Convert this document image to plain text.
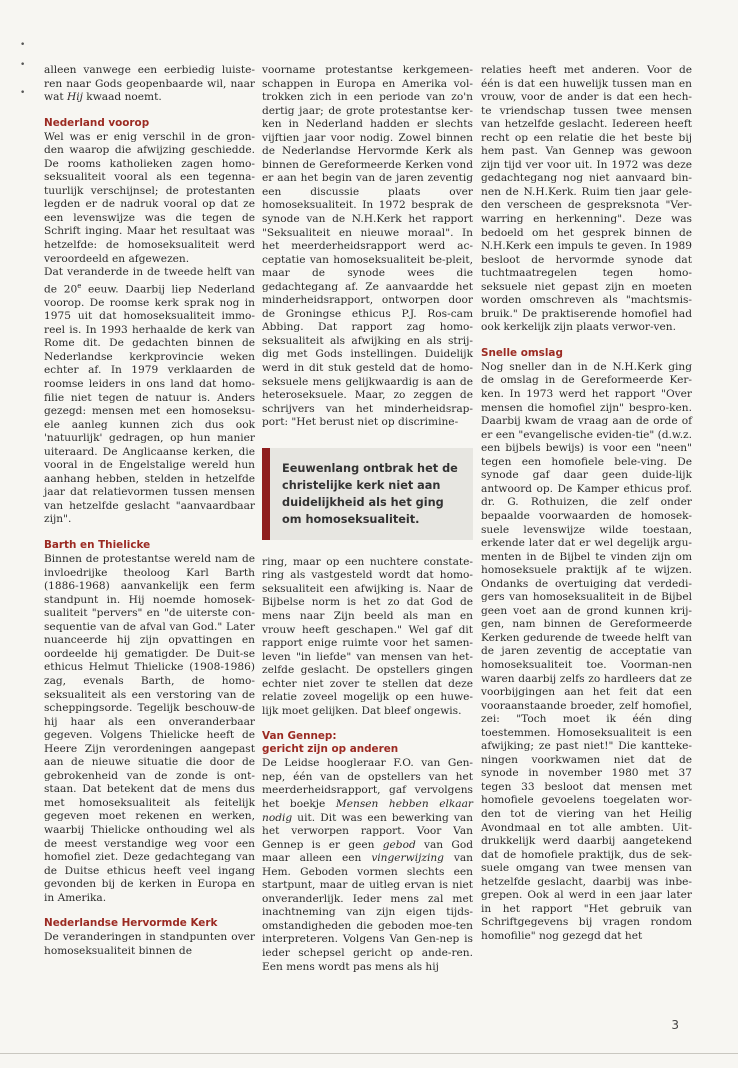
•
•
•

alleen vanwege een eerbiedig luiste-ren naar Gods geopenbaarde wil, naar wat Hij kwaad noemt.

Nederland voorop

Wel was er enig verschil in de gron-den waarop die afwijzing geschiedde. De rooms katholieken zagen homo-seksualiteit vooral als een tegenna-tuurlijk verschijnsel; de protestanten legden er de nadruk vooral op dat ze een levenswijze was die tegen de Schrift inging. Maar het resultaat was hetzelfde: de homoseksualiteit werd veroordeeld en afgewezen.

Dat veranderde in de tweede helft van de 20e eeuw. Daarbij liep Nederland voorop. De roomse kerk sprak nog in 1975 uit dat homoseksualiteit immo-reel is. In 1993 herhaalde de kerk van Rome dit. De gedachten binnen de Nederlandse kerkprovincie weken echter af. In 1979 verklaarden de roomse leiders in ons land dat homo-filie niet tegen de natuur is. Anders gezegd: mensen met een homoseksu-ele aanleg kunnen zich dus ook 'natuurlijk' gedragen, op hun manier uiteraard. De Anglicaanse kerken, die vooral in de Engelstalige wereld hun aanhang hebben, stelden in hetzelfde jaar dat relatievormen tussen mensen van hetzelfde geslacht "aanvaardbaar zijn".

Barth en Thielicke

Binnen de protestantse wereld nam de invloedrijke theoloog Karl Barth (1886-1968) aanvankelijk een ferm standpunt in. Hij noemde homosek-sualiteit "pervers" en "de uiterste con-sequentie van de afval van God." Later nuanceerde hij zijn opvattingen en oordeelde hij gematigder. De Duit-se ethicus Helmut Thielicke (1908-1986) zag, evenals Barth, de homo-seksualiteit als een verstoring van de scheppingsorde. Tegelijk beschouw-de hij haar als een onveranderbaar gegeven. Volgens Thielicke heeft de Heere Zijn verordeningen aangepast aan de nieuwe situatie die door de gebrokenheid van de zonde is ont-staan. Dat betekent dat de mens dus met homoseksualiteit als feitelijk gegeven moet rekenen en werken, waarbij Thielicke onthouding wel als de meest verstandige weg voor een homofiel ziet. Deze gedachtegang van de Duitse ethicus heeft veel ingang gevonden bij de kerken in Europa en in Amerika.

Nederlandse Hervormde Kerk

De veranderingen in standpunten over homoseksualiteit binnen de

voorname protestantse kerkgemeen-schappen in Europa en Amerika vol-trokken zich in een periode van zo'n dertig jaar; de grote protestantse ker-ken in Nederland hadden er slechts vijftien jaar voor nodig. Zowel binnen de Nederlandse Hervormde Kerk als binnen de Gereformeerde Kerken vond er aan het begin van de jaren zeventig een discussie plaats over homoseksualiteit. In 1972 besprak de synode van de N.H.Kerk het rapport "Seksualiteit en nieuwe moraal". In het meerderheidsrapport werd ac-ceptatie van homoseksualiteit be-pleit, maar de synode wees die gedachtegang af. Ze aanvaardde het minderheidsrapport, ontworpen door de Groningse ethicus P.J. Ros-cam Abbing. Dat rapport zag homo-seksualiteit als afwijking en als strij-dig met Gods instellingen. Duidelijk werd in dit stuk gesteld dat de homo-seksuele mens gelijkwaardig is aan de heteroseksuele. Maar, zo zeggen de schrijvers van het minderheidsrap-port: "Het berust niet op discrimine-

Eeuwenlang ontbrak het de christelijke kerk niet aan duidelijkheid als het ging om homoseksualiteit.

ring, maar op een nuchtere constate-ring als vastgesteld wordt dat homo-seksualiteit een afwijking is. Naar de Bijbelse norm is het zo dat God de mens naar Zijn beeld als man en vrouw heeft geschapen." Wel gaf dit rapport enige ruimte voor het samen-leven "in liefde" van mensen van het-zelfde geslacht. De opstellers gingen echter niet zover te stellen dat deze relatie zoveel mogelijk op een huwe-lijk moet gelijken. Dat bleef ongewis.

Van Gennep:
gericht zijn op anderen

De Leidse hoogleraar F.O. van Gen-nep, één van de opstellers van het meerderheidsrapport, gaf vervolgens het boekje Mensen hebben elkaar nodig uit. Dit was een bewerking van het verworpen rapport. Voor Van Gennep is er geen gebod van God maar alleen een vingerwijzing van Hem. Geboden vormen slechts een startpunt, maar de uitleg ervan is niet onveranderlijk. Ieder mens zal met inachtneming van zijn eigen tijds-omstandigheden die geboden moe-ten interpreteren. Volgens Van Gen-nep is ieder schepsel gericht op ande-ren. Een mens wordt pas mens als hij

relaties heeft met anderen. Voor de één is dat een huwelijk tussen man en vrouw, voor de ander is dat een hech-te vriendschap tussen twee mensen van hetzelfde geslacht. Iedereen heeft recht op een relatie die het beste bij hem past. Van Gennep was gewoon zijn tijd ver voor uit. In 1972 was deze gedachtegang nog niet aanvaard bin-nen de N.H.Kerk. Ruim tien jaar gele-den verscheen de gespreksnota "Ver-warring en herkenning". Deze was bedoeld om het gesprek binnen de N.H.Kerk een impuls te geven. In 1989 besloot de hervormde synode dat tuchtmaatregelen tegen homo-seksuele niet gepast zijn en moeten worden omschreven als "machtsmis-bruik." De praktiserende homofiel had ook kerkelijk zijn plaats verwor-ven.

Snelle omslag

Nog sneller dan in de N.H.Kerk ging de omslag in de Gereformeerde Ker-ken. In 1973 werd het rapport "Over mensen die homofiel zijn" bespro-ken. Daarbij kwam de vraag aan de orde of er een "evangelische eviden-tie" (d.w.z. een bijbels bewijs) is voor een "neen" tegen een homofiele bele-ving. De synode gaf daar geen duide-lijk antwoord op. De Kamper ethicus prof. dr. G. Rothuizen, die zelf onder bepaalde voorwaarden de homosek-suele levenswijze wilde toestaan, erkende later dat er wel degelijk argu-menten in de Bijbel te vinden zijn om homoseksuele praktijk af te wijzen. Ondanks de overtuiging dat verdedi-gers van homoseksualiteit in de Bijbel geen voet aan de grond kunnen krij-gen, nam binnen de Gereformeerde Kerken gedurende de tweede helft van de jaren zeventig de acceptatie van homoseksualiteit toe. Voorman-nen waren daarbij zelfs zo hardleers dat ze voorbijgingen aan het feit dat een vooraanstaande broeder, zelf homofiel, zei: "Toch moet ik één ding toestemmen. Homoseksualiteit is een afwijking; ze past niet!" Die kantteke-ningen voorkwamen niet dat de synode in november 1980 met 37 tegen 33 besloot dat mensen met homofiele gevoelens toegelaten wor-den tot de viering van het Heilig Avondmaal en tot alle ambten. Uit-drukkelijk werd daarbij aangetekend dat de homofiele praktijk, dus de sek-suele omgang van twee mensen van hetzelfde geslacht, daarbij was inbe-grepen. Ook al werd in een jaar later in het rapport "Het gebruik van Schriftgegevens bij vragen rondom homofilie" nog gezegd dat het

3
